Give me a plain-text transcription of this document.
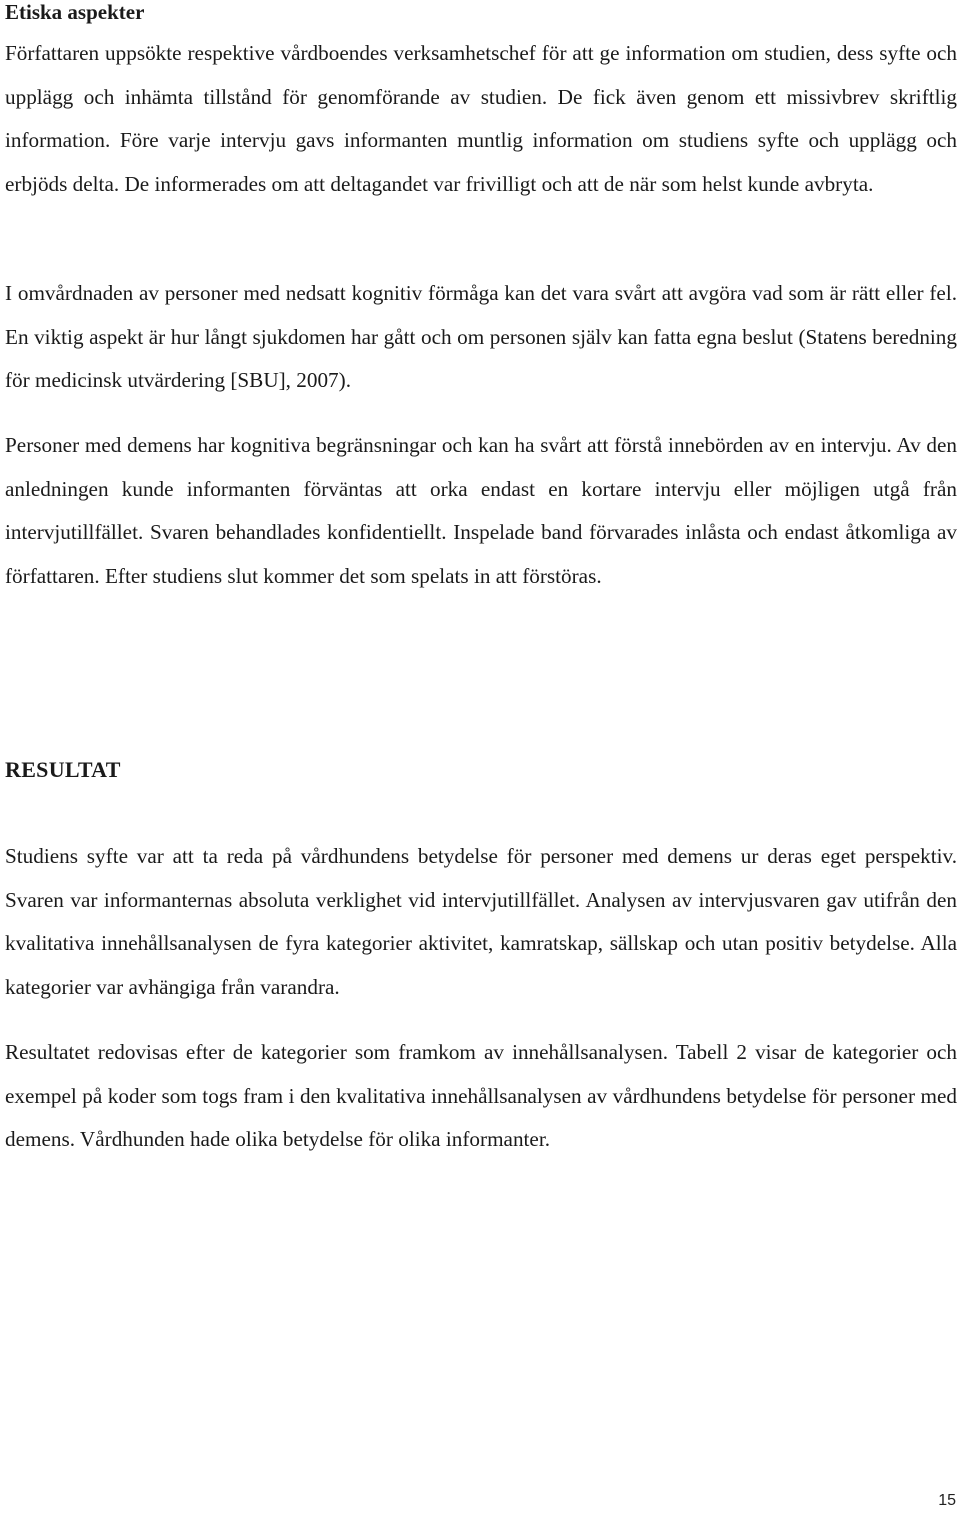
Etiska aspekter

Författaren uppsökte respektive vårdboendes verksamhetschef för att ge information om studien, dess syfte och upplägg och inhämta tillstånd för genomförande av studien. De fick även genom ett missivbrev skriftlig information. Före varje intervju gavs informanten muntlig information om studiens syfte och upplägg och erbjöds delta. De informerades om att deltagandet var frivilligt och att de när som helst kunde avbryta.

I omvårdnaden av personer med nedsatt kognitiv förmåga kan det vara svårt att avgöra vad som är rätt eller fel. En viktig aspekt är hur långt sjukdomen har gått och om personen själv kan fatta egna beslut (Statens beredning för medicinsk utvärdering [SBU], 2007).

Personer med demens har kognitiva begränsningar och kan ha svårt att förstå innebörden av en intervju. Av den anledningen kunde informanten förväntas att orka endast en kortare intervju eller möjligen utgå från intervjutillfället. Svaren behandlades konfidentiellt. Inspelade band förvarades inlåsta och endast åtkomliga av författaren. Efter studiens slut kommer det som spelats in att förstöras.

RESULTAT

Studiens syfte var att ta reda på vårdhundens betydelse för personer med demens ur deras eget perspektiv. Svaren var informanternas absoluta verklighet vid intervjutillfället. Analysen av intervjusvaren gav utifrån den kvalitativa innehållsanalysen de fyra kategorier aktivitet, kamratskap, sällskap och utan positiv betydelse. Alla kategorier var avhängiga från varandra.

Resultatet redovisas efter de kategorier som framkom av innehållsanalysen. Tabell 2 visar de kategorier och exempel på koder som togs fram i den kvalitativa innehållsanalysen av vårdhundens betydelse för personer med demens. Vårdhunden hade olika betydelse för olika informanter.

15
